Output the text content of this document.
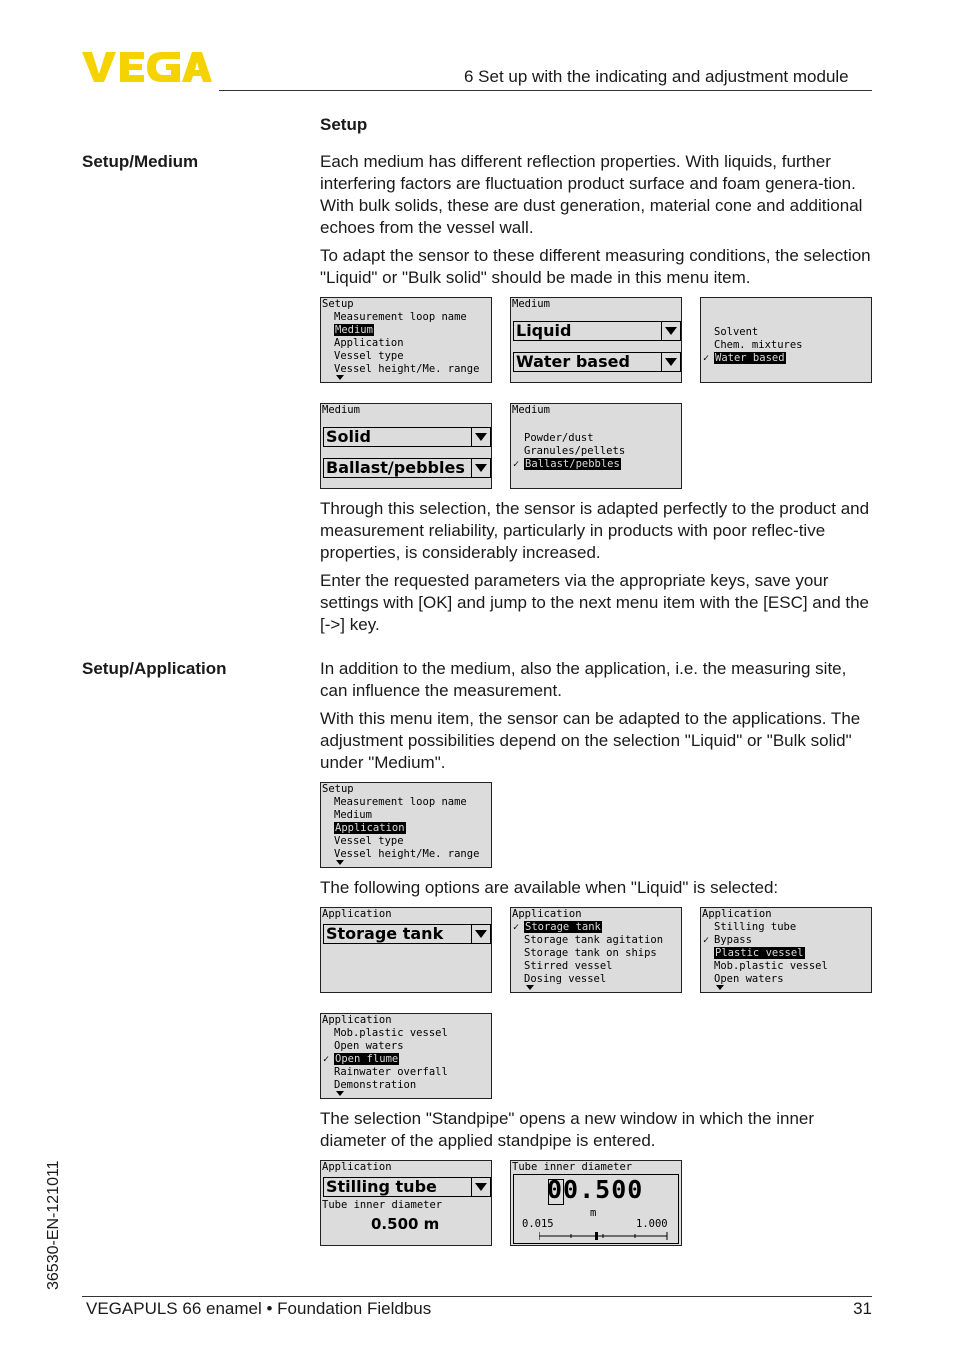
6 Set up with the indicating and adjustment module
Setup
Setup/Medium	Each medium has different reflection properties. With liquids, further interfering factors are fluctuation product surface and foam genera-tion. With bulk solids, these are dust generation, material cone and additional echoes from the vessel wall.

To adapt the sensor to these different measuring conditions, the selection "Liquid" or "Bulk solid" should be made in this menu item.

Setup
Measurement loop name
Medium
Application
Vessel type
Vessel height/Me. range
Medium
Liquid
Water based
Solvent
Chem. mixtures
✓ Water based
Medium
Solid
Ballast/pebbles
Medium
Powder/dust
Granules/pellets
✓ Ballast/pebbles

Through this selection, the sensor is adapted perfectly to the product and measurement reliability, particularly in products with poor reflec-tive properties, is considerably increased.

Enter the requested parameters via the appropriate keys, save your settings with [OK] and jump to the next menu item with the [ESC] and the [->] key.

Setup/Application	In addition to the medium, also the application, i.e. the measuring site, can influence the measurement.

With this menu item, the sensor can be adapted to the applications. The adjustment possibilities depend on the selection "Liquid" or "Bulk solid" under "Medium".

Setup
Measurement loop name
Medium
Application
Vessel type
Vessel height/Me. range

The following options are available when "Liquid" is selected:

Application
Storage tank
Application
✓ Storage tank
Storage tank agitation
Storage tank on ships
Stirred vessel
Dosing vessel
Application
Stilling tube
✓ Bypass
Plastic vessel
Mob.plastic vessel
Open waters
Application
Mob.plastic vessel
Open waters
✓ Open flume
Rainwater overfall
Demonstration

The selection "Standpipe" opens a new window in which the inner diameter of the applied standpipe is entered.

Application
Stilling tube
Tube inner diameter
0.500 m
Tube inner diameter
00.500
m
0.015	1.000
36530-EN-121011
VEGAPULS 66 enamel • Foundation Fieldbus	31
